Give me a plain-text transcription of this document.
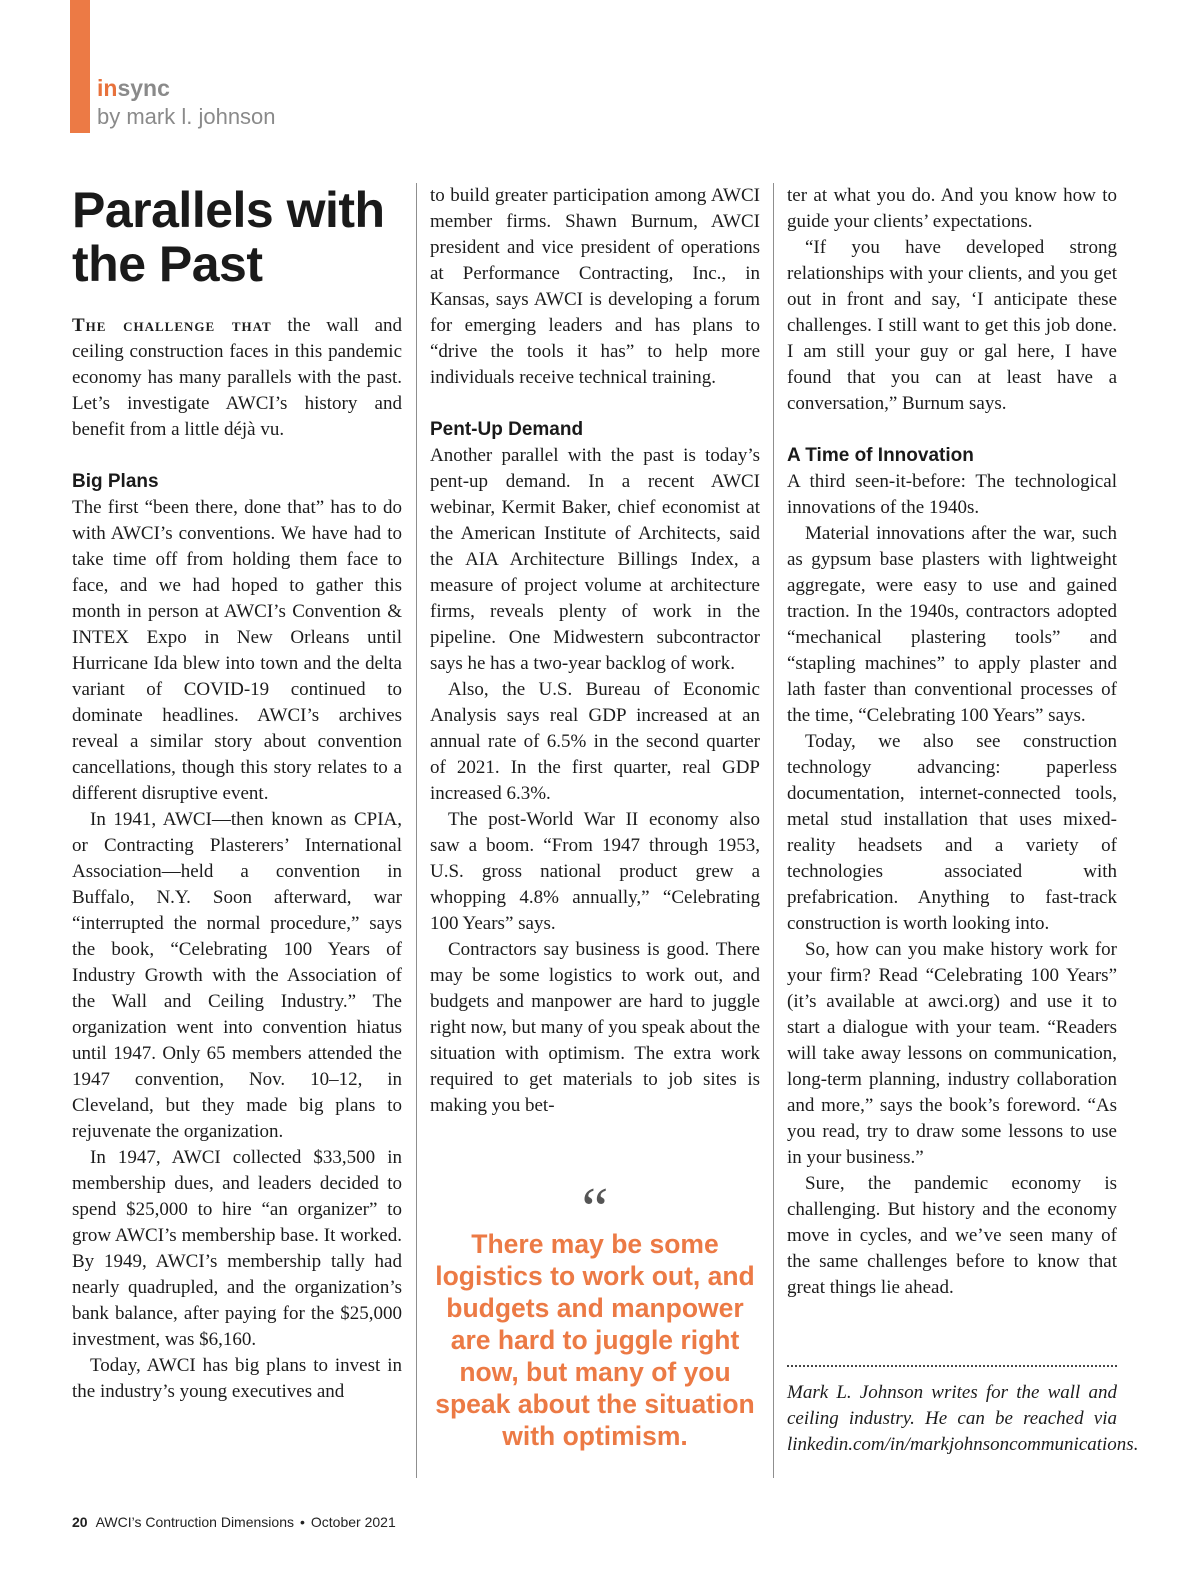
insync
by mark l. johnson
Parallels with the Past

The challenge that the wall and ceiling construction faces in this pandemic economy has many parallels with the past. Let’s investigate AWCI’s history and benefit from a little déjà vu.

Big Plans

The first “been there, done that” has to do with AWCI’s conventions. We have had to take time off from holding them face to face, and we had hoped to gather this month in person at AWCI’s Convention & INTEX Expo in New Orleans until Hurricane Ida blew into town and the delta variant of COVID-19 continued to dominate headlines. AWCI’s archives reveal a similar story about convention cancellations, though this story relates to a different disruptive event.

In 1941, AWCI—then known as CPIA, or Contracting Plasterers’ International Association—held a convention in Buffalo, N.Y. Soon afterward, war “interrupted the normal procedure,” says the book, “Celebrating 100 Years of Industry Growth with the Association of the Wall and Ceiling Industry.” The organization went into convention hiatus until 1947. Only 65 members attended the 1947 convention, Nov. 10–12, in Cleveland, but they made big plans to rejuvenate the organization.

In 1947, AWCI collected $33,500 in membership dues, and leaders decided to spend $25,000 to hire “an organizer” to grow AWCI’s membership base. It worked. By 1949, AWCI’s membership tally had nearly quadrupled, and the organization’s bank balance, after paying for the $25,000 investment, was $6,160.

Today, AWCI has big plans to invest in the industry’s young executives and

to build greater participation among AWCI member firms. Shawn Burnum, AWCI president and vice president of operations at Performance Contracting, Inc., in Kansas, says AWCI is developing a forum for emerging leaders and has plans to “drive the tools it has” to help more individuals receive technical training.

Pent-Up Demand

Another parallel with the past is today’s pent-up demand. In a recent AWCI webinar, Kermit Baker, chief economist at the American Institute of Architects, said the AIA Architecture Billings Index, a measure of project volume at architecture firms, reveals plenty of work in the pipeline. One Midwestern subcontractor says he has a two-year backlog of work.

Also, the U.S. Bureau of Economic Analysis says real GDP increased at an annual rate of 6.5% in the second quarter of 2021. In the first quarter, real GDP increased 6.3%.

The post-World War II economy also saw a boom. “From 1947 through 1953, U.S. gross national product grew a whopping 4.8% annually,” “Celebrating 100 Years” says.

Contractors say business is good. There may be some logistics to work out, and budgets and manpower are hard to juggle right now, but many of you speak about the situation with optimism. The extra work required to get materials to job sites is making you bet-

“
There may be some logistics to work out, and budgets and manpower are hard to juggle right now, but many of you speak about the situation with optimism.

ter at what you do. And you know how to guide your clients’ expectations.

“If you have developed strong relationships with your clients, and you get out in front and say, ‘I anticipate these challenges. I still want to get this job done. I am still your guy or gal here, I have found that you can at least have a conversation,” Burnum says.

A Time of Innovation

A third seen-it-before: The technological innovations of the 1940s.

Material innovations after the war, such as gypsum base plasters with lightweight aggregate, were easy to use and gained traction. In the 1940s, contractors adopted “mechanical plastering tools” and “stapling machines” to apply plaster and lath faster than conventional processes of the time, “Celebrating 100 Years” says.

Today, we also see construction technology advancing: paperless documentation, internet-connected tools, metal stud installation that uses mixed-reality headsets and a variety of technologies associated with prefabrication. Anything to fast-track construction is worth looking into.

So, how can you make history work for your firm? Read “Celebrating 100 Years” (it’s available at awci.org) and use it to start a dialogue with your team. “Readers will take away lessons on communication, long-term planning, industry collaboration and more,” says the book’s foreword. “As you read, try to draw some lessons to use in your business.”

Sure, the pandemic economy is challenging. But history and the economy move in cycles, and we’ve seen many of the same challenges before to know that great things lie ahead.

Mark L. Johnson writes for the wall and ceiling industry. He can be reached via linkedin.com/in/markjohnsoncommunications.
20 AWCI’s Contruction Dimensions • October 2021
